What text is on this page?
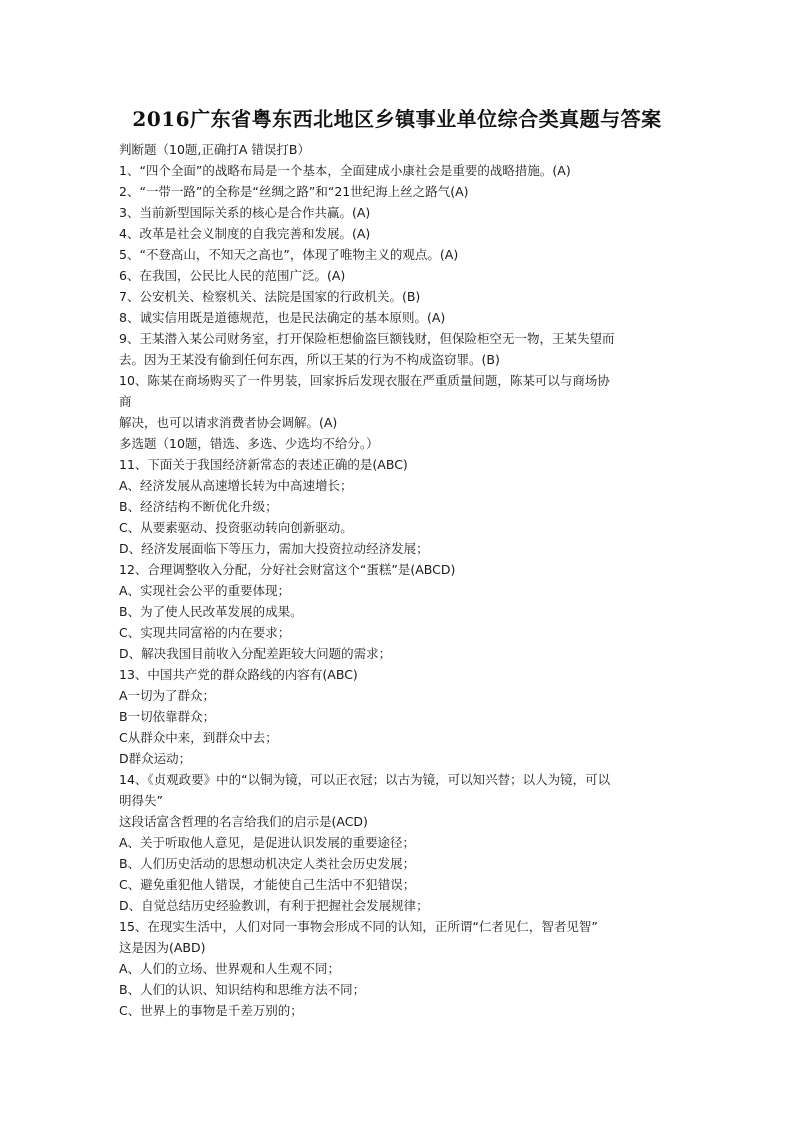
2016广东省粤东西北地区乡镇事业单位综合类真题与答案
判断题（10题,正确打A 错误打B）
1、“四个全面”的战略布局是一个基本，全面建成小康社会是重要的战略措施。(A)
2、“一带一路”的全称是“丝绸之路”和“21世纪海上丝之路气(A)
3、当前新型国际关系的核心是合作共赢。(A)
4、改革是社会义制度的自我完善和发展。(A)
5、“不登高山，不知天之高也”，体现了唯物主义的观点。(A)
6、在我国，公民比人民的范围广泛。(A)
7、公安机关、检察机关、法院是国家的行政机关。(B)
8、诚实信用既是道德规范，也是民法确定的基本原则。(A)
9、王某潜入某公司财务室，打开保险柜想偷盗巨额钱财，但保险柜空无一物，王某失望而
去。因为王某没有偷到任何东西，所以王某的行为不构成盗窃罪。(B)
10、陈某在商场购买了一件男装，回家拆后发现衣服在严重质量间题，陈某可以与商场协
商
解决，也可以请求消费者协会调解。(A)
多选题（10题，错选、多选、少选均不给分。）
11、下面关于我国经济新常态的表述正确的是(ABC)
A、经济发展从高速增长转为中高速增长；
B、经济结构不断优化升级；
C、从要素驱动、投资驱动转向创新驱动。
D、经济发展面临下等压力，需加大投资拉动经济发展；
12、合理调整收入分配，分好社会财富这个“蛋糕”是(ABCD)
A、实现社会公平的重要体现；
B、为了使人民改革发展的成果。
C、实现共同富裕的内在要求；
D、解决我国目前收入分配差距较大问题的需求；
13、中国共产党的群众路线的内容有(ABC)
A一切为了群众；
B一切依靠群众；
C从群众中来，到群众中去；
D群众运动；
14、《贞观政要》中的“以铜为镜，可以正衣冠；以古为镜，可以知兴替；以人为镜，可以
明得失”
这段话富含哲理的名言给我们的启示是(ACD)
A、关于听取他人意见，是促进认识发展的重要途径；
B、人们历史活动的思想动机决定人类社会历史发展；
C、避免重犯他人错误，才能使自己生活中不犯错误；
D、自觉总结历史经验教训，有利于把握社会发展规律；
15、在现实生活中，人们对同一事物会形成不同的认知，正所谓“仁者见仁，智者见智”
这是因为(ABD)
A、人们的立场、世界观和人生观不同；
B、人们的认识、知识结构和思维方法不同；
C、世界上的事物是千差万别的；
